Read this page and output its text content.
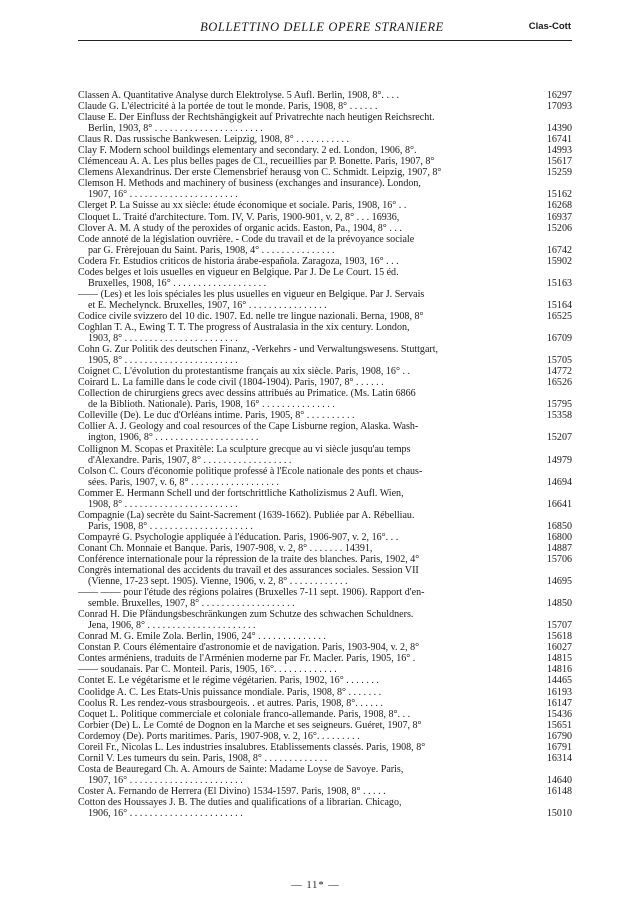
BOLLETTINO DELLE OPERE STRANIERE	Clas-Cott
Classen A. Quantitative Analyse durch Elektrolyse. 5 Aufl. Berlin, 1908, 8°. . . .	16297
Claude G. L'électricité à la portée de tout le monde. Paris, 1908, 8° . . . . . .	17093
Clause E. Der Einfluss der Rechtshängigkeit auf Privatrechte nach heutigen Reichsrecht.
Berlin, 1903, 8° . . . . . . . . . . . . . . . . . . . . . .	14390
Claus R. Das russische Bankwesen. Leipzig, 1908, 8° . . . . . . . . . . .	16741
Clay F. Modern school buildings elementary and secondary. 2 ed. London, 1906, 8°.	14993
Clémenceau A. A. Les plus belles pages de Cl., recueillies par P. Bonette. Paris, 1907, 8°	15617
Clemens Alexandrinus. Der erste Clemensbrief herausg von C. Schmidt. Leipzig, 1907, 8°	15259
Clemson H. Methods and machinery of business (exchanges and insurance). London,
1907, 16° . . . . . . . . . . . . . . . . . . . . . .	15162
Clerget P. La Suisse au xx siècle: étude économique et sociale. Paris, 1908, 16° . .	16268
Cloquet L. Traité d'architecture. Tom. IV, V. Paris, 1900-901, v. 2, 8° . . . 16936,	16937
Clover A. M. A study of the peroxides of organic acids. Easton, Pa., 1904, 8° . . .	15206
Code annoté de la législation ouvrière. - Code du travail et de la prévoyance sociale
par G. Frèrejouan du Saint. Paris, 1908, 4° . . . . . . . . . . . . . . .	16742
Codera Fr. Estudios criticos de historia árabe-española. Zaragoza, 1903, 16° . . .	15902
Codes belges et lois usuelles en vigueur en Belgique. Par J. De Le Court. 15 éd.
Bruxelles, 1908, 16° . . . . . . . . . . . . . . . . . . .	15163
—— (Les) et les lois spéciales les plus usuelles en vigueur en Belgique. Par J. Servais
et E. Mechelynck. Bruxelles, 1907, 16° . . . . . . . . . . . . . . . .	15164
Codice civile svizzero del 10 dic. 1907. Ed. nelle tre lingue nazionali. Berna, 1908, 8°	16525
Coghlan T. A., Ewing T. T. The progress of Australasia in the xix century. London,
1903, 8° . . . . . . . . . . . . . . . . . . . . . . .	16709
Cohn G. Zur Politik des deutschen Finanz, -Verkehrs - und Verwaltungswesens. Stuttgart,
1905, 8° . . . . . . . . . . . . . . . . . . . . . . .	15705
Coignet C. L'évolution du protestantisme français au xix siècle. Paris, 1908, 16° . .	14772
Coirard L. La famille dans le code civil (1804-1904). Paris, 1907, 8° . . . . . .	16526
Collection de chirurgiens grecs avec dessins attribués au Primatice. (Ms. Latin 6866
de la Biblioth. Nationale). Paris, 1908, 16° . . . . . . . . . . . . . . .	15795
Colleville (De). Le duc d'Orléans intime. Paris, 1905, 8° . . . . . . . . . .	15358
Collier A. J. Geology and coal resources of the Cape Lisburne region, Alaska. Wash-
ington, 1906, 8° . . . . . . . . . . . . . . . . . . . . .	15207
Collignon M. Scopas et Praxitèle: La sculpture grecque au vi siècle jusqu'au temps
d'Alexandre. Paris, 1907, 8° . . . . . . . . . . . . . . . . . .	14979
Colson C. Cours d'économie politique professé à l'École nationale des ponts et chaus-
sées. Paris, 1907, v. 6, 8° . . . . . . . . . . . . . . . . . .	14694
Commer E. Hermann Schell und der fortschrittliche Katholizismus 2 Aufl. Wien,
1908, 8° . . . . . . . . . . . . . . . . . . . . . . .	16641
Compagnie (La) secrète du Saint-Sacrement (1639-1662). Publiée par A. Rébelliau.
Paris, 1908, 8° . . . . . . . . . . . . . . . . . . . . .	16850
Compayré G. Psychologie appliquée à l'éducation. Paris, 1906-907, v. 2, 16°. . .	16800
Conant Ch. Monnaie et Banque. Paris, 1907-908, v. 2, 8° . . . . . . . 14391,	14887
Conférence internationale pour la répression de la traite des blanches. Paris, 1902, 4°	15706
Congrès international des accidents du travail et des assurances sociales. Session VII
(Vienne, 17-23 sept. 1905). Vienne, 1906, v. 2, 8° . . . . . . . . . . . .	14695
—— —— pour l'étude des régions polaires (Bruxelles 7-11 sept. 1906). Rapport d'en-
semble. Bruxelles, 1907, 8° . . . . . . . . . . . . . . . . . . .	14850
Conrad H. Die Pfändungsbeschränkungen zum Schutze des schwachen Schuldners.
Jena, 1906, 8° . . . . . . . . . . . . . . . . . . . . . .	15707
Conrad M. G. Emile Zola. Berlin, 1906, 24° . . . . . . . . . . . . . .	15618
Constan P. Cours élémentaire d'astronomie et de navigation. Paris, 1903-904, v. 2, 8°	16027
Contes arméniens, traduits de l'Arménien moderne par Fr. Macler. Paris, 1905, 16° .	14815
—— soudanais. Par C. Monteil. Paris, 1905, 16°. . . . . . . . . . . . .	14816
Contet E. Le végétarisme et le régime végétarien. Paris, 1902, 16° . . . . . . .	14465
Coolidge A. C. Les États-Unis puissance mondiale. Paris, 1908, 8° . . . . . . .	16193
Coolus R. Les rendez-vous strasbourgeois. . et autres. Paris, 1908, 8°. . . . . .	16147
Coquet L. Politique commerciale et coloniale franco-allemande. Paris, 1908, 8°. . .	15436
Corbier (De) L. Le Comté de Dognon en la Marche et ses seigneurs. Guéret, 1907, 8°	15651
Cordemoy (De). Ports maritimes. Paris, 1907-908, v. 2, 16°. . . . . . . . .	16790
Coreil Fr., Nicolas L. Les industries insalubres. Etablissements classés. Paris, 1908, 8°	16791
Cornil V. Les tumeurs du sein. Paris, 1908, 8° . . . . . . . . . . . . .	16314
Costa de Beauregard Ch. A. Amours de Sainte: Madame Loyse de Savoye. Paris,
1907, 16° . . . . . . . . . . . . . . . . . . . . . . .	14640
Coster A. Fernando de Herrera (El Divino) 1534-1597. Paris, 1908, 8° . . . . .	16148
Cotton des Houssayes J. B. The duties and qualifications of a librarian. Chicago,
1906, 16° . . . . . . . . . . . . . . . . . . . . . . .	15010
— 11* —
